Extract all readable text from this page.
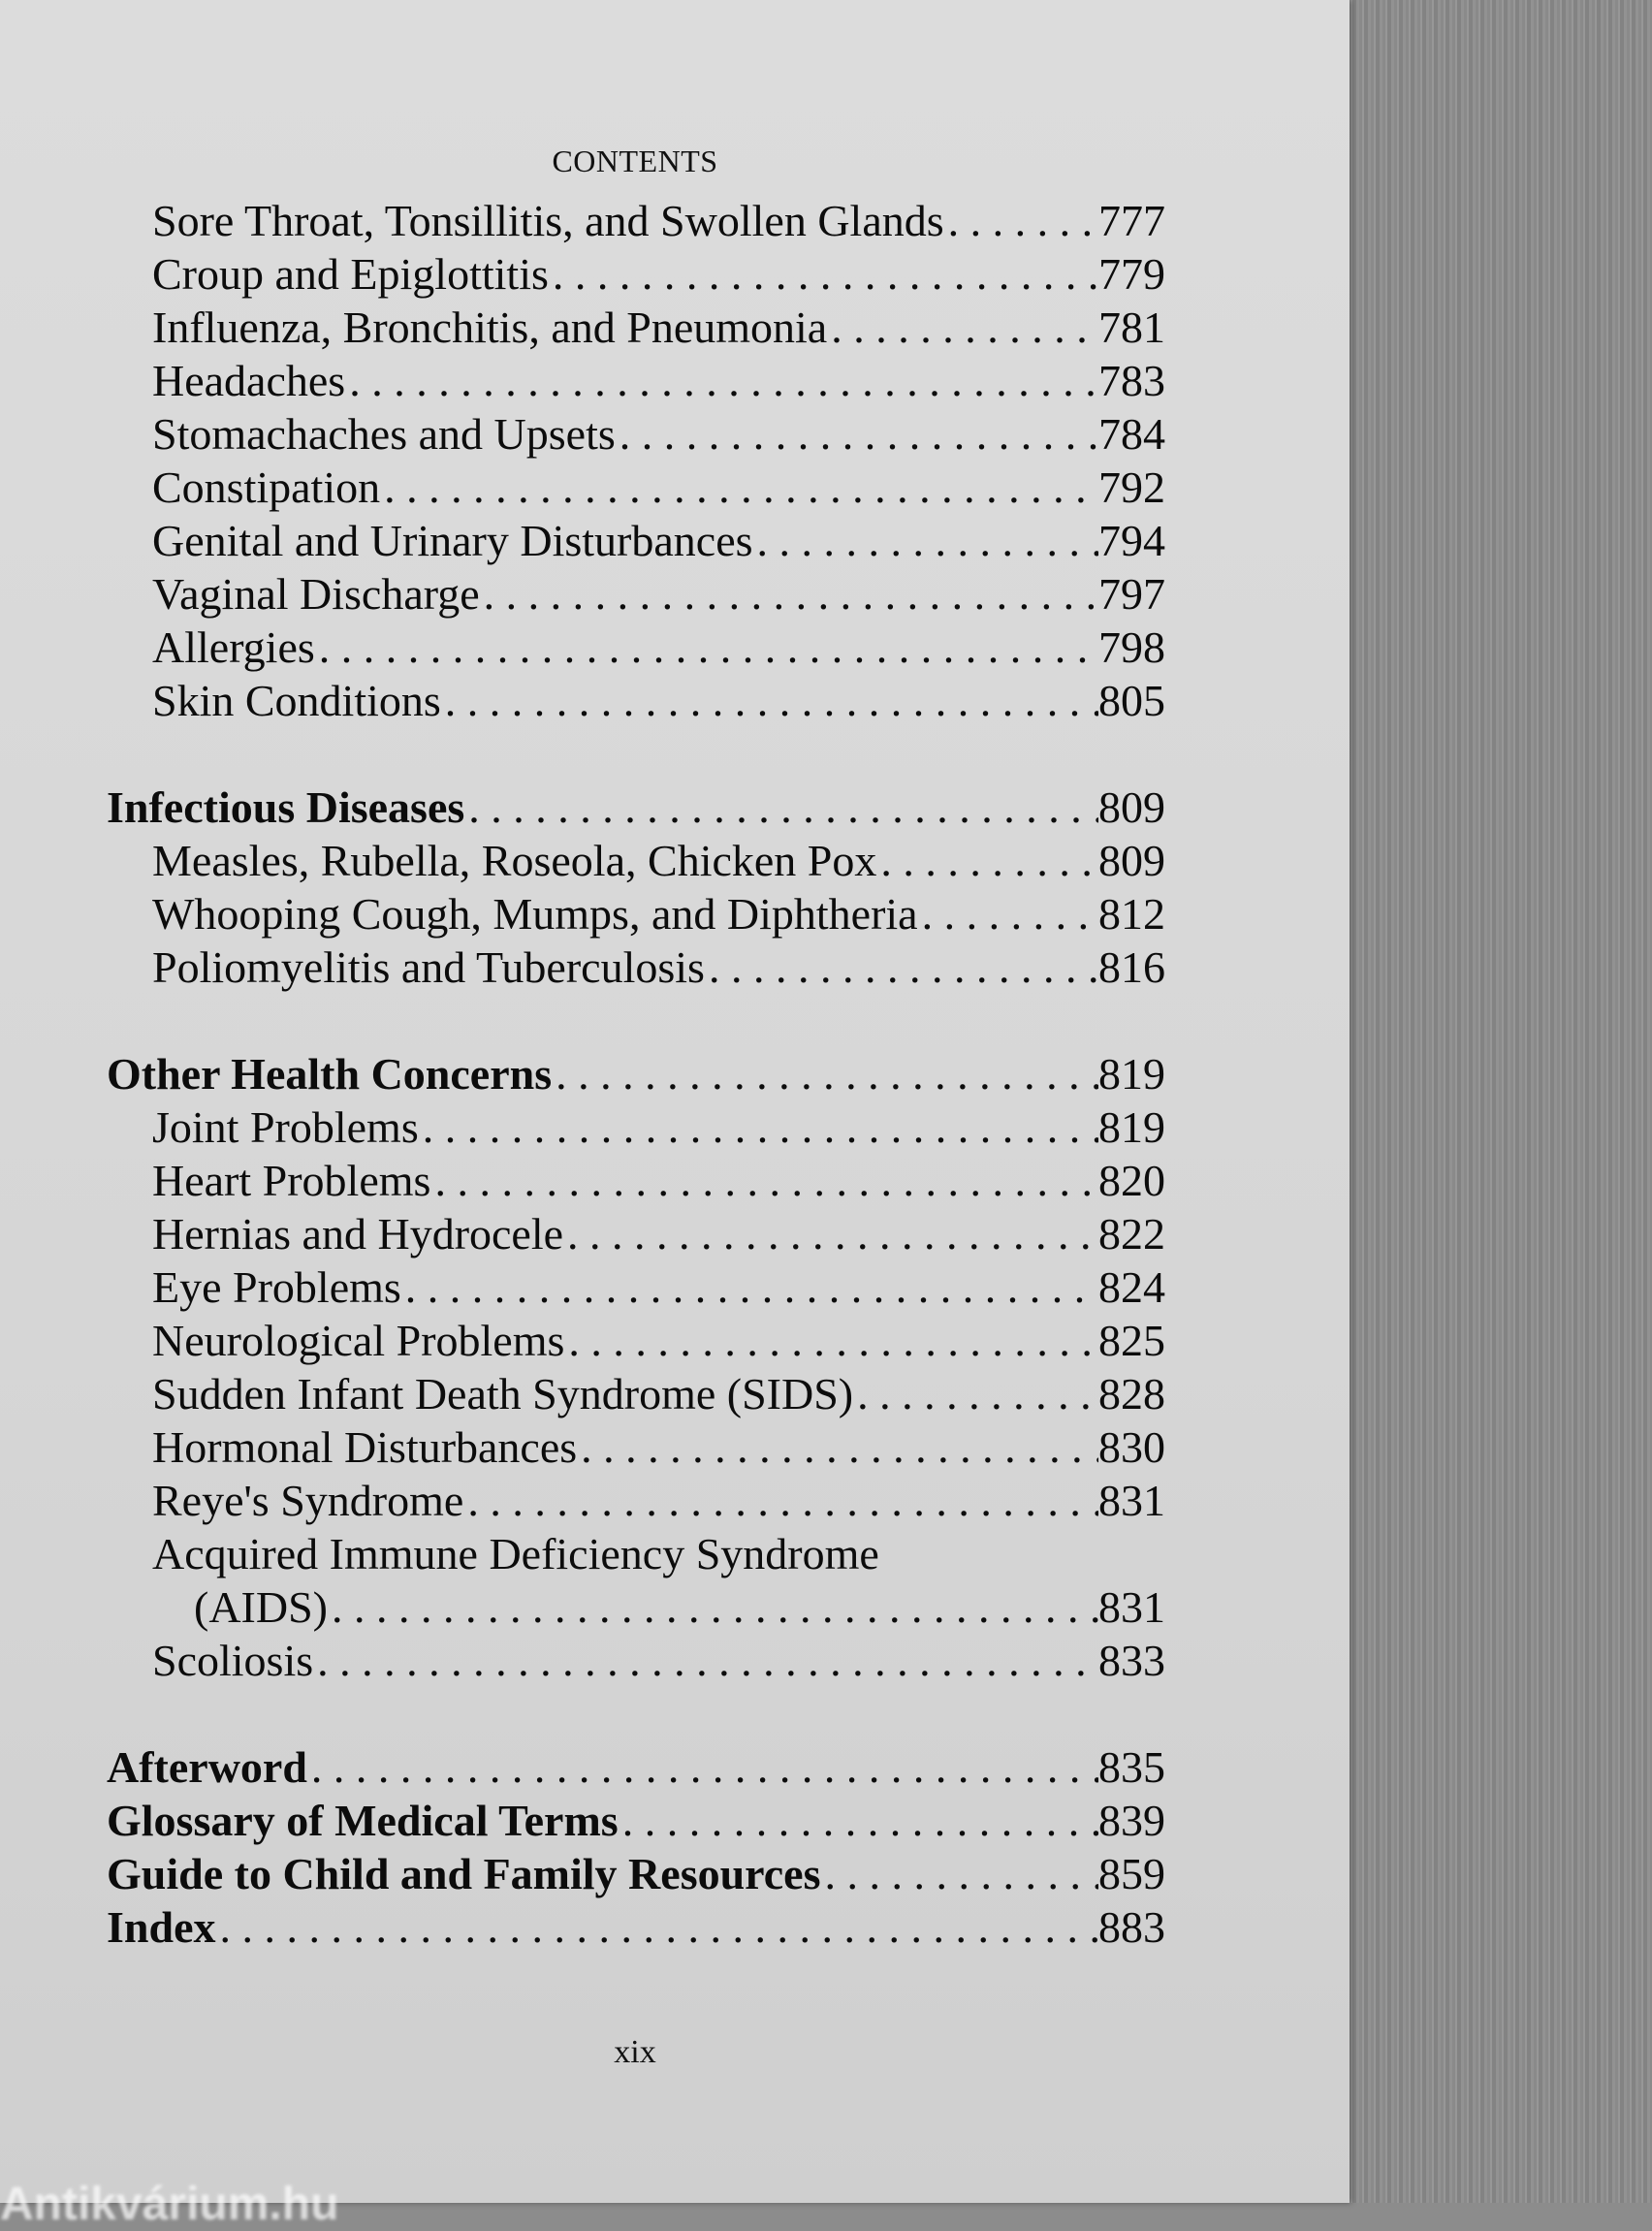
CONTENTS
Sore Throat, Tonsillitis, and Swollen Glands . . .	777
Croup and Epiglottitis . . .	779
Influenza, Bronchitis, and Pneumonia . . .	781
Headaches . . .	783
Stomachaches and Upsets . . .	784
Constipation . . .	792
Genital and Urinary Disturbances . . .	794
Vaginal Discharge . . .	797
Allergies . . .	798
Skin Conditions . . .	805
Infectious Diseases . . .	809
Measles, Rubella, Roseola, Chicken Pox . . .	809
Whooping Cough, Mumps, and Diphtheria . . .	812
Poliomyelitis and Tuberculosis . . .	816
Other Health Concerns . . .	819
Joint Problems . . .	819
Heart Problems . . .	820
Hernias and Hydrocele . . .	822
Eye Problems . . .	824
Neurological Problems . . .	825
Sudden Infant Death Syndrome (SIDS) . . .	828
Hormonal Disturbances . . .	830
Reye's Syndrome . . .	831
Acquired Immune Deficiency Syndrome
(AIDS) . . .	831
Scoliosis . . .	833
Afterword . . .	835
Glossary of Medical Terms . . .	839
Guide to Child and Family Resources . . .	859
Index . . .	883
xix
Antikvárium.hu
